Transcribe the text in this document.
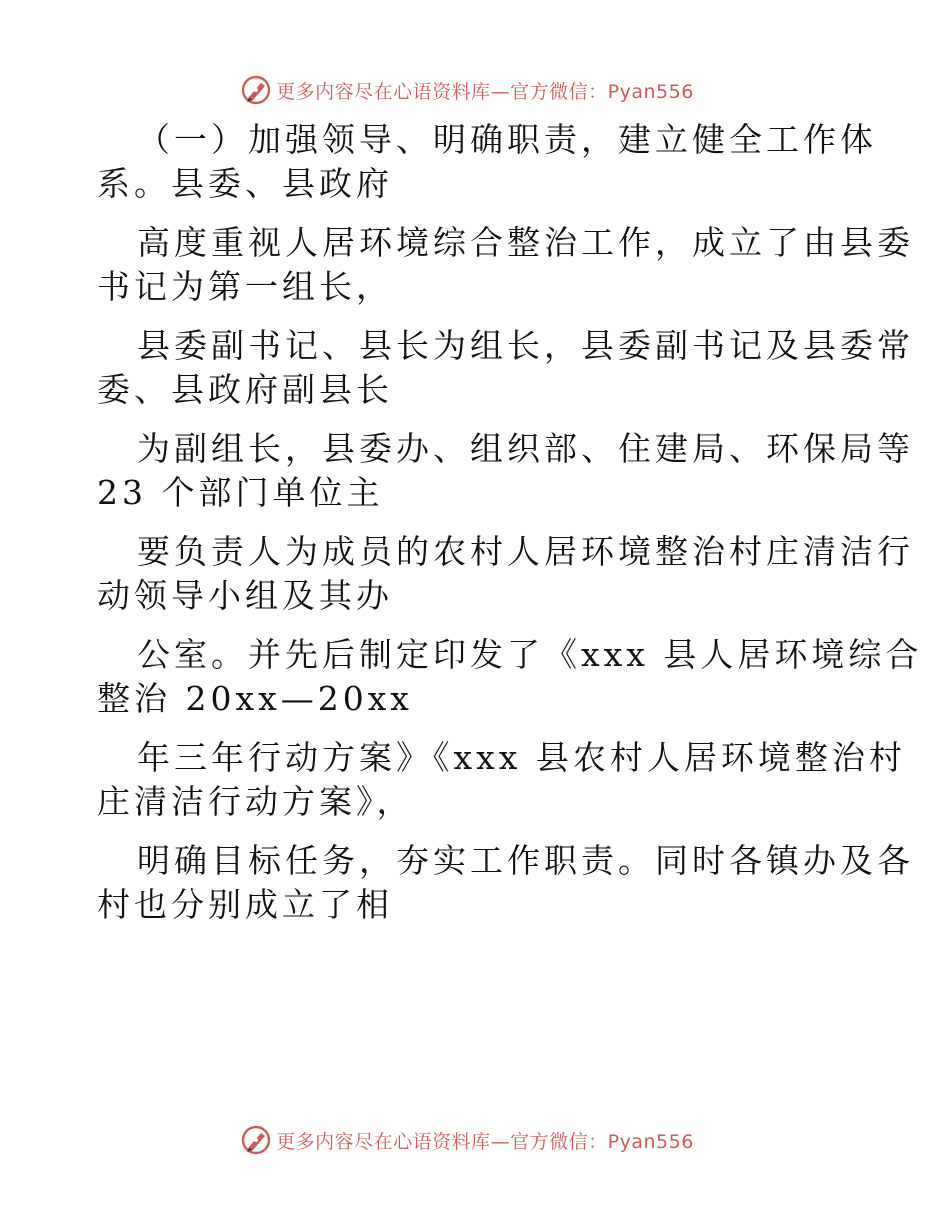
更多内容尽在心语资料库—官方微信：Pyan556
（一）加强领导、明确职责，建立健全工作体
系。县委、县政府
高度重视人居环境综合整治工作，成立了由县委
书记为第一组长，
县委副书记、县长为组长，县委副书记及县委常
委、县政府副县长
为副组长，县委办、组织部、住建局、环保局等
23 个部门单位主
要负责人为成员的农村人居环境整治村庄清洁行
动领导小组及其办
公室。并先后制定印发了《xxx 县人居环境综合
整治 20xx—20xx
年三年行动方案》《xxx 县农村人居环境整治村
庄清洁行动方案》，
明确目标任务，夯实工作职责。同时各镇办及各
村也分别成立了相
更多内容尽在心语资料库—官方微信：Pyan556
